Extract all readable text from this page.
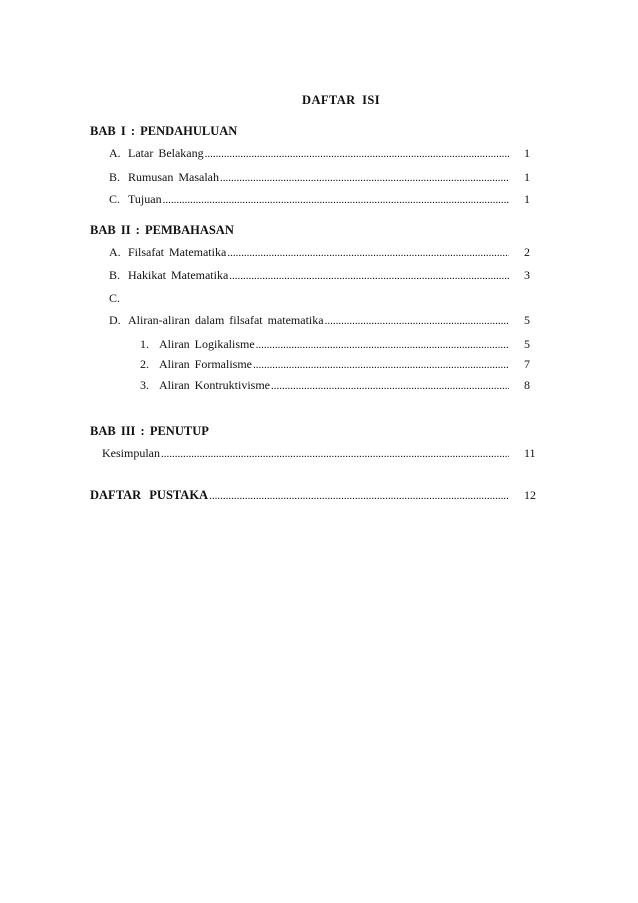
DAFTAR ISI
BAB I : PENDAHULUAN
A. Latar Belakang .....	1
B. Rumusan Masalah .....	1
C. Tujuan .....	1
BAB II : PEMBAHASAN
A. Filsafat Matematika .....	2
B. Hakikat Matematika .....	3
C.
D. Aliran-aliran dalam filsafat matematika .....	5
1. Aliran Logikalisme .....	5
2. Aliran Formalisme .....	7
3. Aliran Kontruktivisme .....	8
BAB III : PENUTUP
Kesimpulan .....	11
DAFTAR PUSTAKA .....	12
